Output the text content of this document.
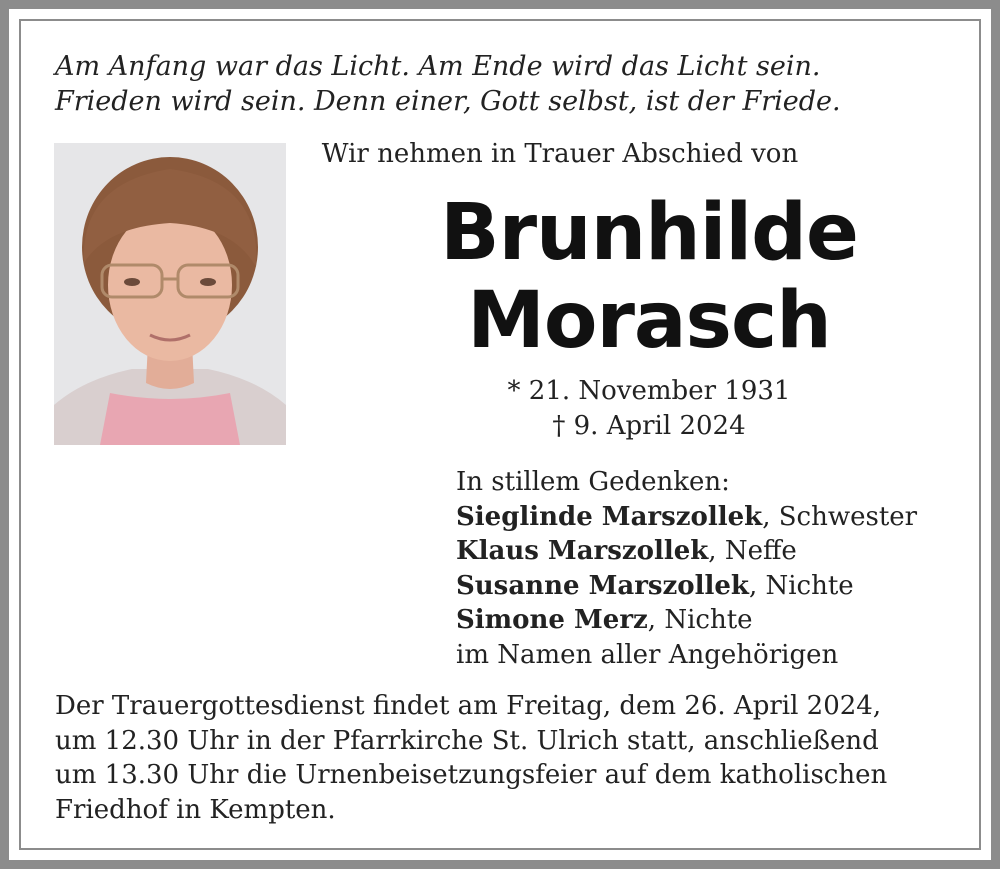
Am Anfang war das Licht. Am Ende wird das Licht sein.
Frieden wird sein. Denn einer, Gott selbst, ist der Friede.
Wir nehmen in Trauer Abschied von
Brunhilde
Morasch
* 21. November 1931
† 9. April 2024
In stillem Gedenken:
Sieglinde Marszollek, Schwester
Klaus Marszollek, Neffe
Susanne Marszollek, Nichte
Simone Merz, Nichte
im Namen aller Angehörigen
Der Trauergottesdienst findet am Freitag, dem 26. April 2024,
um 12.30 Uhr in der Pfarrkirche St. Ulrich statt, anschließend
um 13.30 Uhr die Urnenbeisetzungsfeier auf dem katholischen
Friedhof in Kempten.
